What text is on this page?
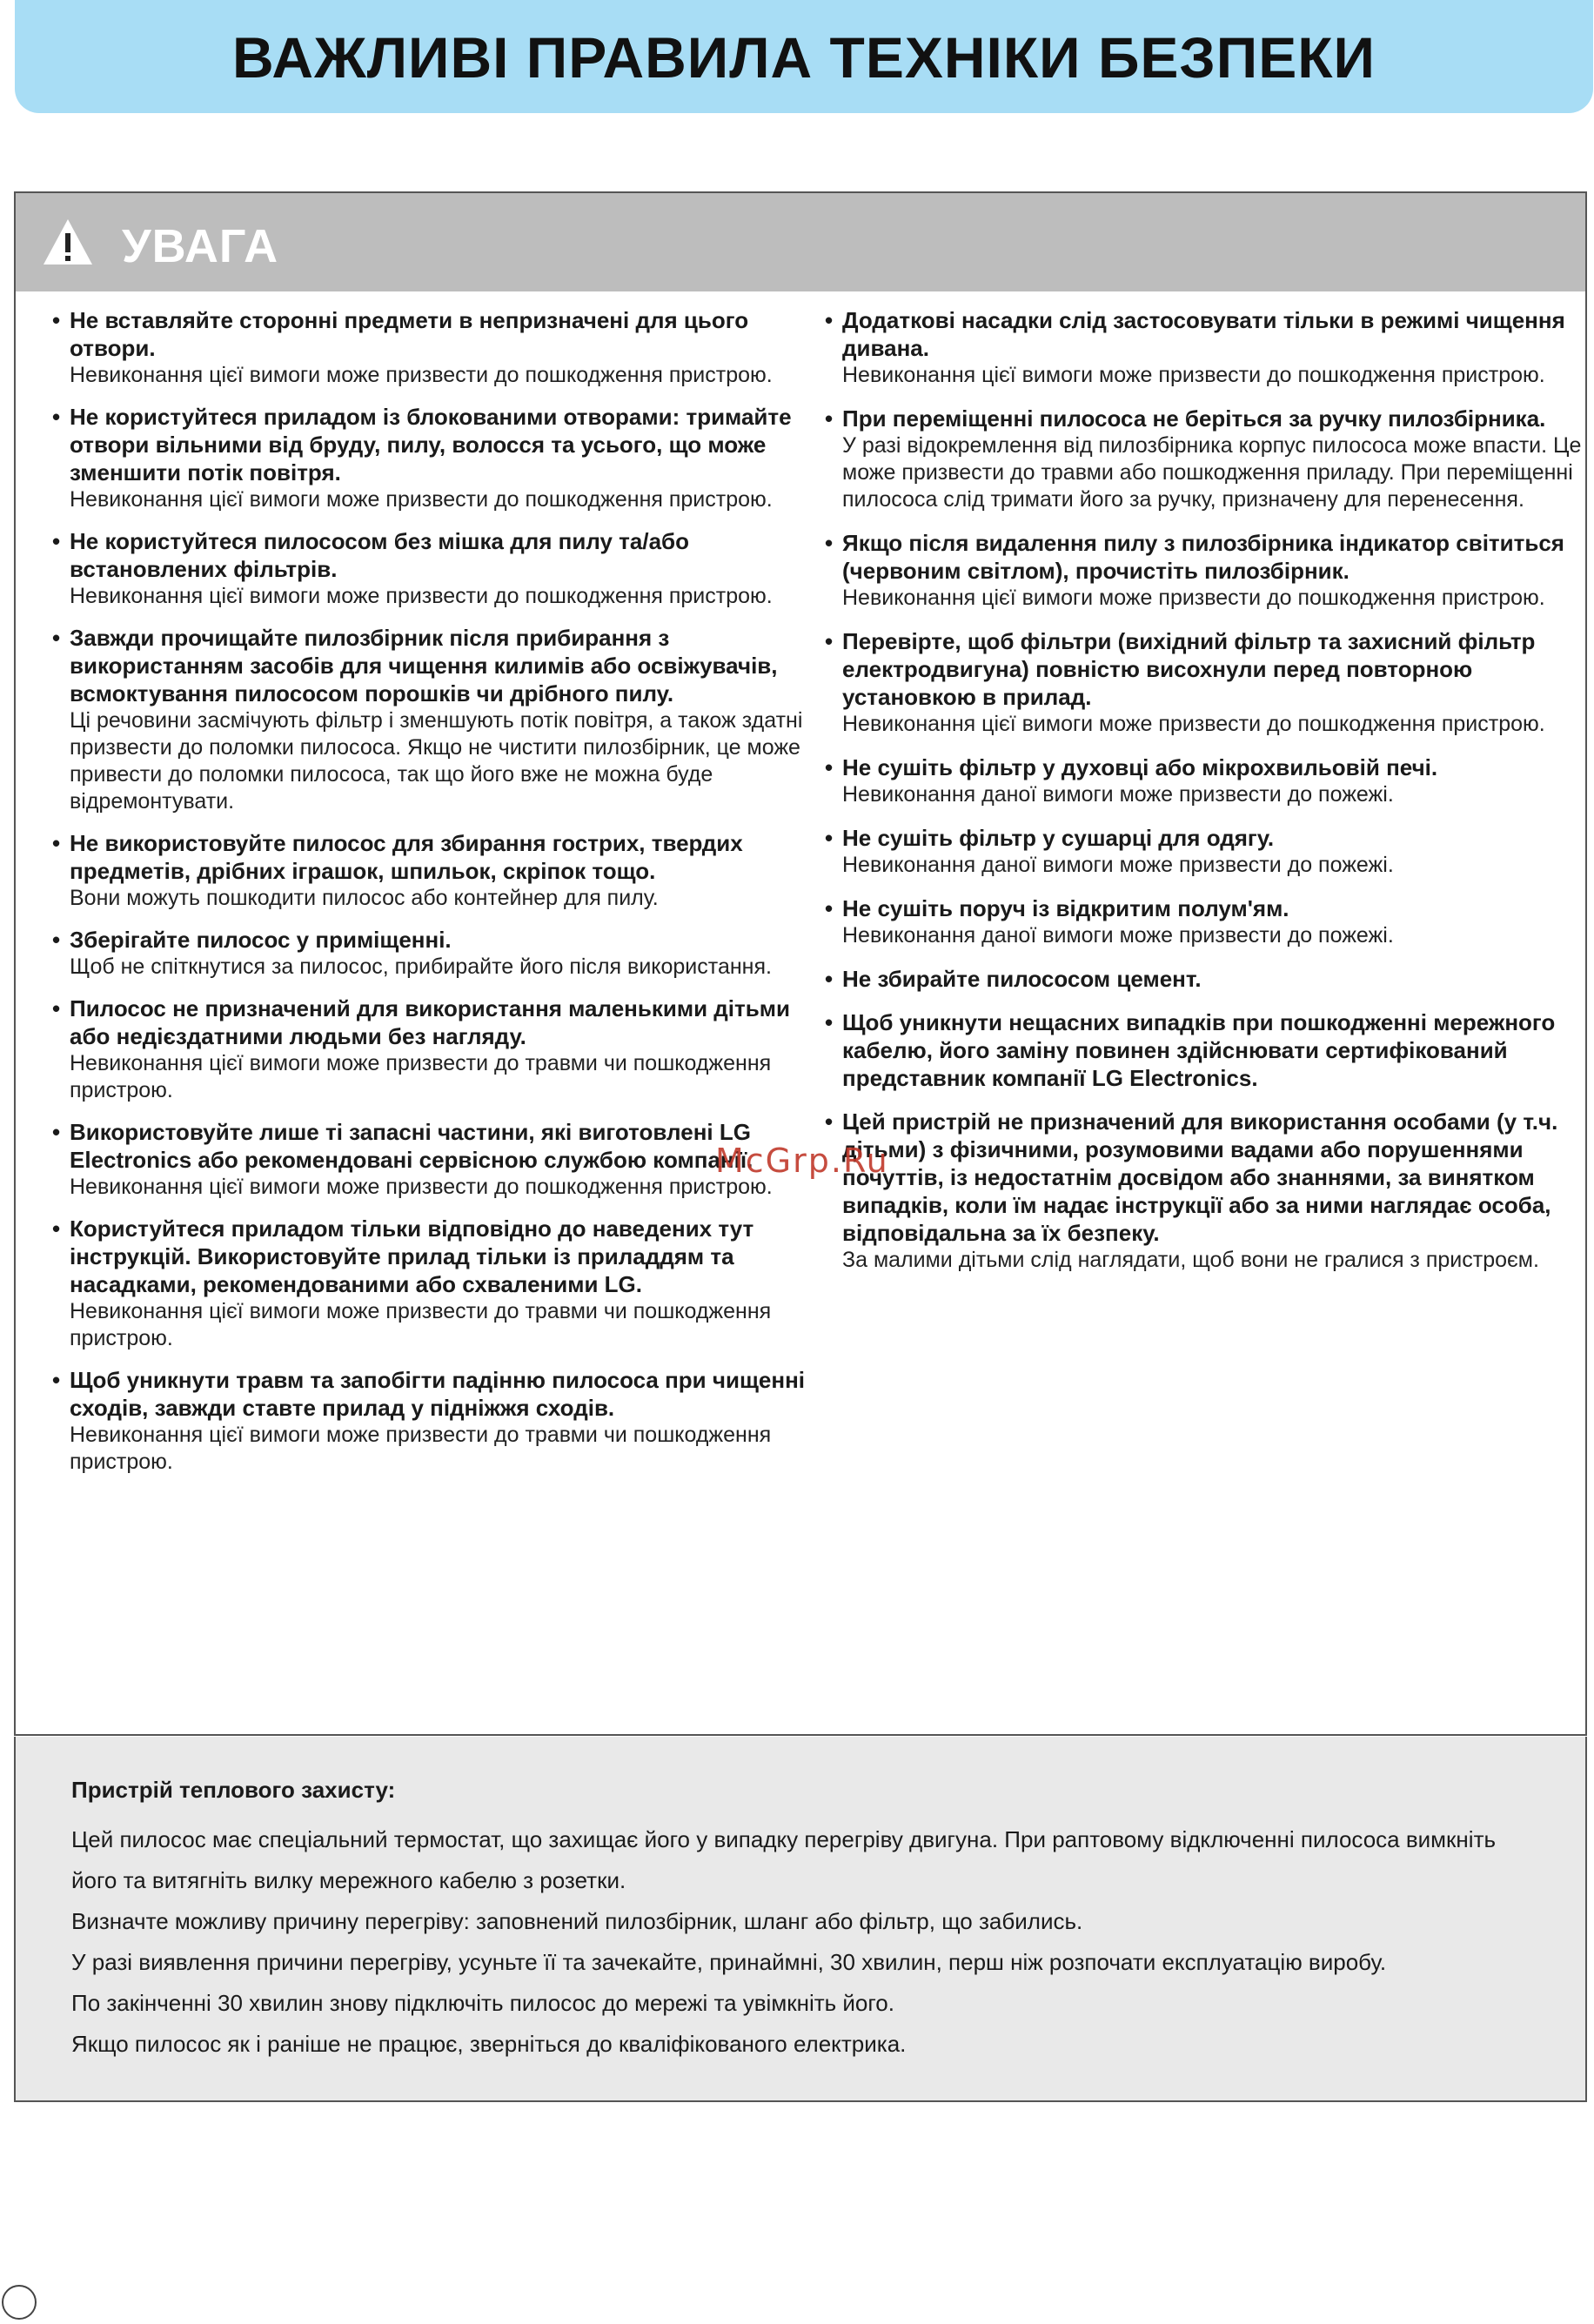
ВАЖЛИВІ ПРАВИЛА ТЕХНІКИ БЕЗПЕКИ
УВАГА
• Не вставляйте сторонні предмети в непризначені для цього отвори.
Невиконання цієї вимоги може призвести до пошкодження пристрою.
• Не користуйтеся приладом із блокованими отворами: тримайте отвори вільними від бруду, пилу, волосся та усього, що може зменшити потік повітря.
Невиконання цієї вимоги може призвести до пошкодження пристрою.
• Не користуйтеся пилососом без мішка для пилу та/або встановлених фільтрів.
Невиконання цієї вимоги може призвести до пошкодження пристрою.
• Завжди прочищайте пилозбірник після прибирання з використанням засобів для чищення килимів або освіжувачів, всмоктування пилососом порошків чи дрібного пилу.
Ці речовини засмічують фільтр і зменшують потік повітря, а також здатні призвести до поломки пилососа. Якщо не чистити пилозбірник, це може привести до поломки пилососа, так що його вже не можна буде відремонтувати.
• Не використовуйте пилосос для збирання гострих, твердих предметів, дрібних іграшок, шпильок, скріпок тощо.
Вони можуть пошкодити пилосос або контейнер для пилу.
• Зберігайте пилосос у приміщенні.
Щоб не спіткнутися за пилосос, прибирайте його після використання.
• Пилосос не призначений для використання маленькими дітьми або недієздатними людьми без нагляду.
Невиконання цієї вимоги може призвести до травми чи пошкодження пристрою.
• Використовуйте лише ті запасні частини, які виготовлені LG Electronics або рекомендовані сервісною службою компанії.
Невиконання цієї вимоги може призвести до пошкодження пристрою.
• Користуйтеся приладом тільки відповідно до наведених тут інструкцій. Використовуйте прилад тільки із приладдям та насадками, рекомендованими або схваленими LG.
Невиконання цієї вимоги може призвести до травми чи пошкодження пристрою.
• Щоб уникнути травм та запобігти падінню пилососа при чищенні сходів, завжди ставте прилад у підніжжя сходів.
Невиконання цієї вимоги може призвести до травми чи пошкодження пристрою.
• Додаткові насадки слід застосовувати тільки в режимі чищення дивана.
Невиконання цієї вимоги може призвести до пошкодження пристрою.
• При переміщенні пилососа не беріться за ручку пилозбірника.
У разі відокремлення від пилозбірника корпус пилососа може впасти. Це може призвести до травми або пошкодження приладу. При переміщенні пилососа слід тримати його за ручку, призначену для перенесення.
• Якщо після видалення пилу з пилозбірника індикатор світиться (червоним світлом), прочистіть пилозбірник.
Невиконання цієї вимоги може призвести до пошкодження пристрою.
• Перевірте, щоб фільтри (вихідний фільтр та захисний фільтр електродвигуна) повністю висохнули перед повторною установкою в прилад.
Невиконання цієї вимоги може призвести до пошкодження пристрою.
• Не сушіть фільтр у духовці або мікрохвильовій печі.
Невиконання даної вимоги може призвести до пожежі.
• Не сушіть фільтр у сушарці для одягу.
Невиконання даної вимоги може призвести до пожежі.
• Не сушіть поруч із відкритим полум'ям.
Невиконання даної вимоги може призвести до пожежі.
• Не збирайте пилососом цемент.
• Щоб уникнути нещасних випадків при пошкодженні мережного кабелю, його заміну повинен здійснювати сертифікований представник компанії LG Electronics.
• Цей пристрій не призначений для використання особами (у т.ч. дітьми) з фізичними, розумовими вадами або порушеннями почуттів, із недостатнім досвідом або знаннями, за винятком випадків, коли їм надає інструкції або за ними наглядає особа, відповідальна за їх безпеку.
За малими дітьми слід наглядати, щоб вони не гралися з пристроєм.
Пристрій теплового захисту:
Цей пилосос має спеціальний термостат, що захищає його у випадку перегріву двигуна. При раптовому відключенні пилососа вимкніть його та витягніть вилку мережного кабелю з розетки.
Визначте можливу причину перегріву: заповнений пилозбірник, шланг або фільтр, що забились.
У разі виявлення причини перегріву, усуньте її та зачекайте, принаймні, 30 хвилин, перш ніж розпочати експлуатацію виробу.
По закінченні 30 хвилин знову підключіть пилосос до мережі та увімкніть його.
Якщо пилосос як і раніше не працює, зверніться до кваліфікованого електрика.
McGrp.Ru
